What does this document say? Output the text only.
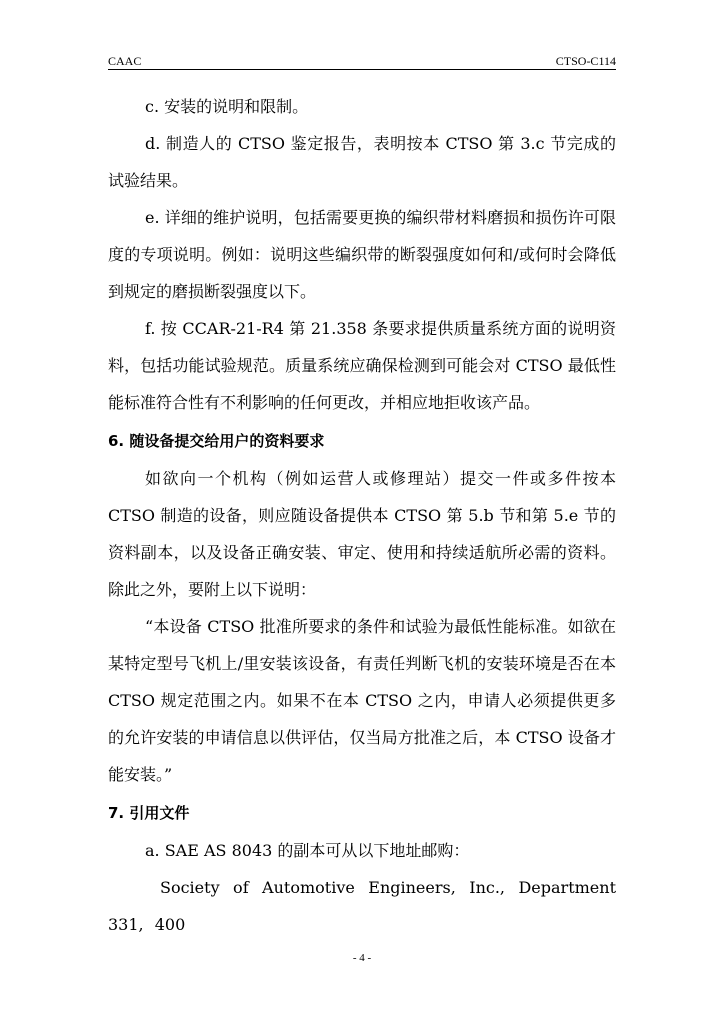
CAAC	CTSO-C114

c. 安装的说明和限制。

d. 制造人的 CTSO 鉴定报告，表明按本 CTSO 第 3.c 节完成的试验结果。

e. 详细的维护说明，包括需要更换的编织带材料磨损和损伤许可限度的专项说明。例如：说明这些编织带的断裂强度如何和/或何时会降低到规定的磨损断裂强度以下。

f. 按 CCAR-21-R4 第 21.358 条要求提供质量系统方面的说明资料，包括功能试验规范。质量系统应确保检测到可能会对 CTSO 最低性能标准符合性有不利影响的任何更改，并相应地拒收该产品。

6. 随设备提交给用户的资料要求

如欲向一个机构（例如运营人或修理站）提交一件或多件按本 CTSO 制造的设备，则应随设备提供本 CTSO 第 5.b 节和第 5.e 节的资料副本，以及设备正确安装、审定、使用和持续适航所必需的资料。除此之外，要附上以下说明：

“本设备 CTSO 批准所要求的条件和试验为最低性能标准。如欲在某特定型号飞机上/里安装该设备，有责任判断飞机的安装环境是否在本 CTSO 规定范围之内。如果不在本 CTSO 之内，申请人必须提供更多的允许安装的申请信息以供评估，仅当局方批准之后，本 CTSO 设备才能安装。”

7. 引用文件

a. SAE AS 8043 的副本可从以下地址邮购：

Society of Automotive Engineers, Inc., Department 331, 400

- 4 -
